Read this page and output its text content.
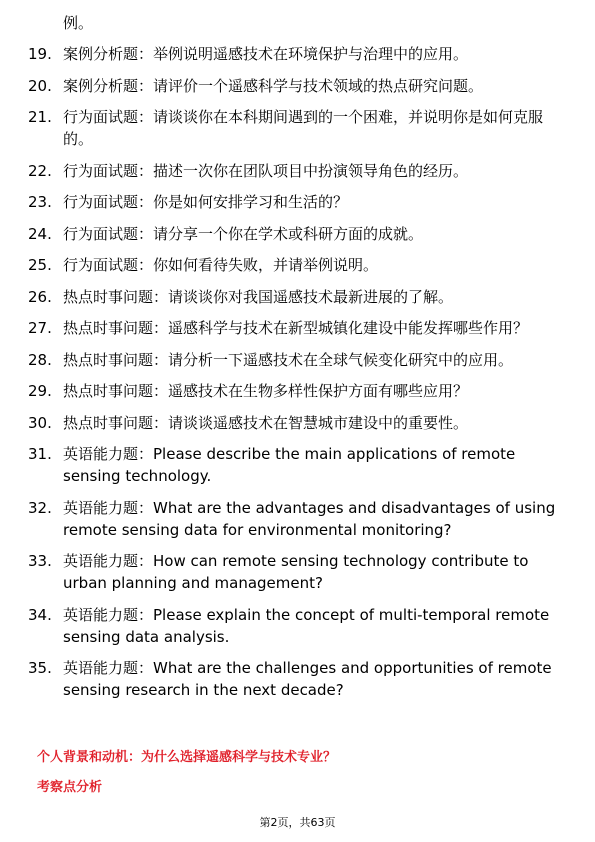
例。
19. 案例分析题：举例说明遥感技术在环境保护与治理中的应用。
20. 案例分析题：请评价一个遥感科学与技术领域的热点研究问题。
21. 行为面试题：请谈谈你在本科期间遇到的一个困难，并说明你是如何克服的。
22. 行为面试题：描述一次你在团队项目中扮演领导角色的经历。
23. 行为面试题：你是如何安排学习和生活的？
24. 行为面试题：请分享一个你在学术或科研方面的成就。
25. 行为面试题：你如何看待失败，并请举例说明。
26. 热点时事问题：请谈谈你对我国遥感技术最新进展的了解。
27. 热点时事问题：遥感科学与技术在新型城镇化建设中能发挥哪些作用？
28. 热点时事问题：请分析一下遥感技术在全球气候变化研究中的应用。
29. 热点时事问题：遥感技术在生物多样性保护方面有哪些应用？
30. 热点时事问题：请谈谈遥感技术在智慧城市建设中的重要性。
31. 英语能力题：Please describe the main applications of remote sensing technology.
32. 英语能力题：What are the advantages and disadvantages of using remote sensing data for environmental monitoring?
33. 英语能力题：How can remote sensing technology contribute to urban planning and management?
34. 英语能力题：Please explain the concept of multi-temporal remote sensing data analysis.
35. 英语能力题：What are the challenges and opportunities of remote sensing research in the next decade?
个人背景和动机：为什么选择遥感科学与技术专业？
考察点分析
第2页，共63页
